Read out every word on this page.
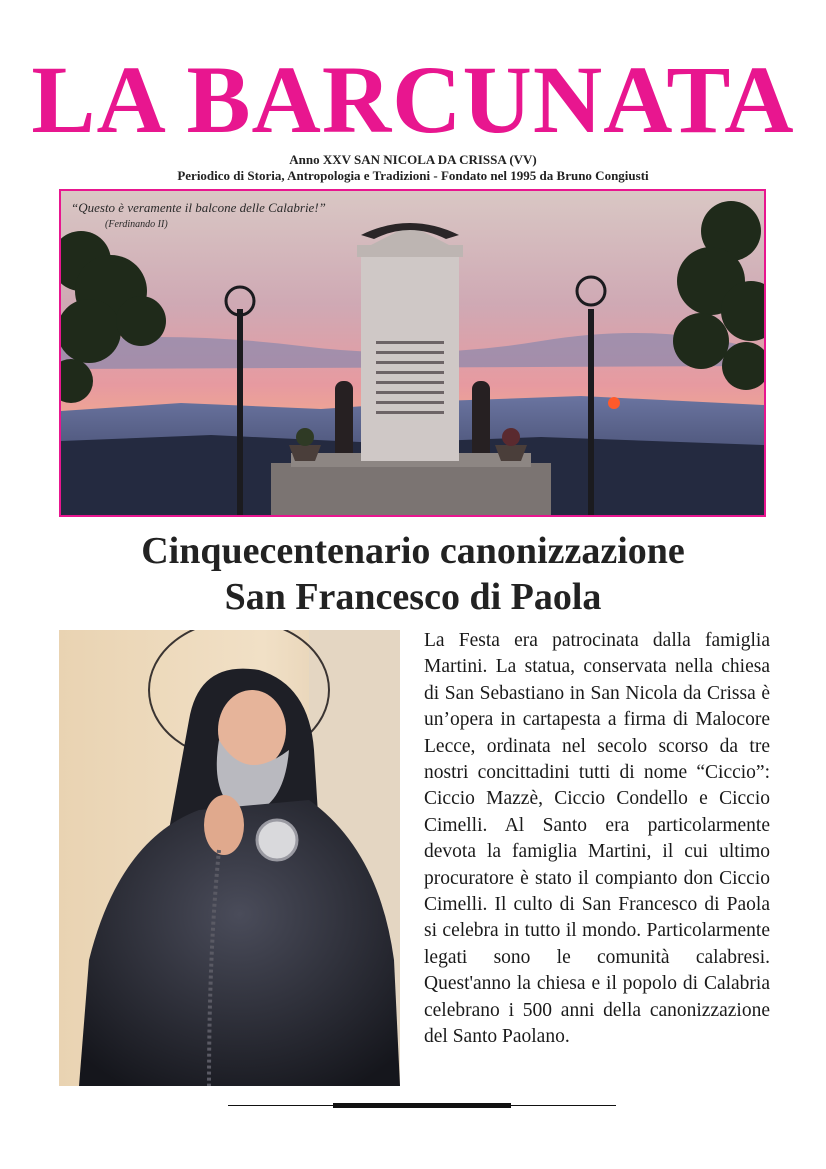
LA BARCUNATA
Anno XXV SAN NICOLA DA CRISSA (VV)
Periodico di Storia, Antropologia e Tradizioni - Fondato nel 1995 da Bruno Congiusti
“Questo è veramente il balcone delle Calabrie!”
(Ferdinando II)
Cinquecentenario canonizzazione
San Francesco di Paola
La Festa era patrocinata dalla famiglia Martini. La statua, conservata nella chiesa di San Sebastiano in San Nicola da Crissa è un’opera in cartapesta a firma di Malocore Lecce, ordinata nel secolo scorso da tre nostri concittadini tutti di nome “Ciccio”: Ciccio Mazzè, Ciccio Condello e Ciccio Cimelli. Al Santo era particolarmente devota la famiglia Martini, il cui ultimo procuratore è stato il compianto don Ciccio Cimelli. Il culto di San Francesco di Paola si celebra in tutto il mondo. Particolarmente legati sono le comunità calabresi. Quest'anno la chiesa e il popolo di Calabria celebrano i 500 anni della canonizzazione del Santo Paolano.
